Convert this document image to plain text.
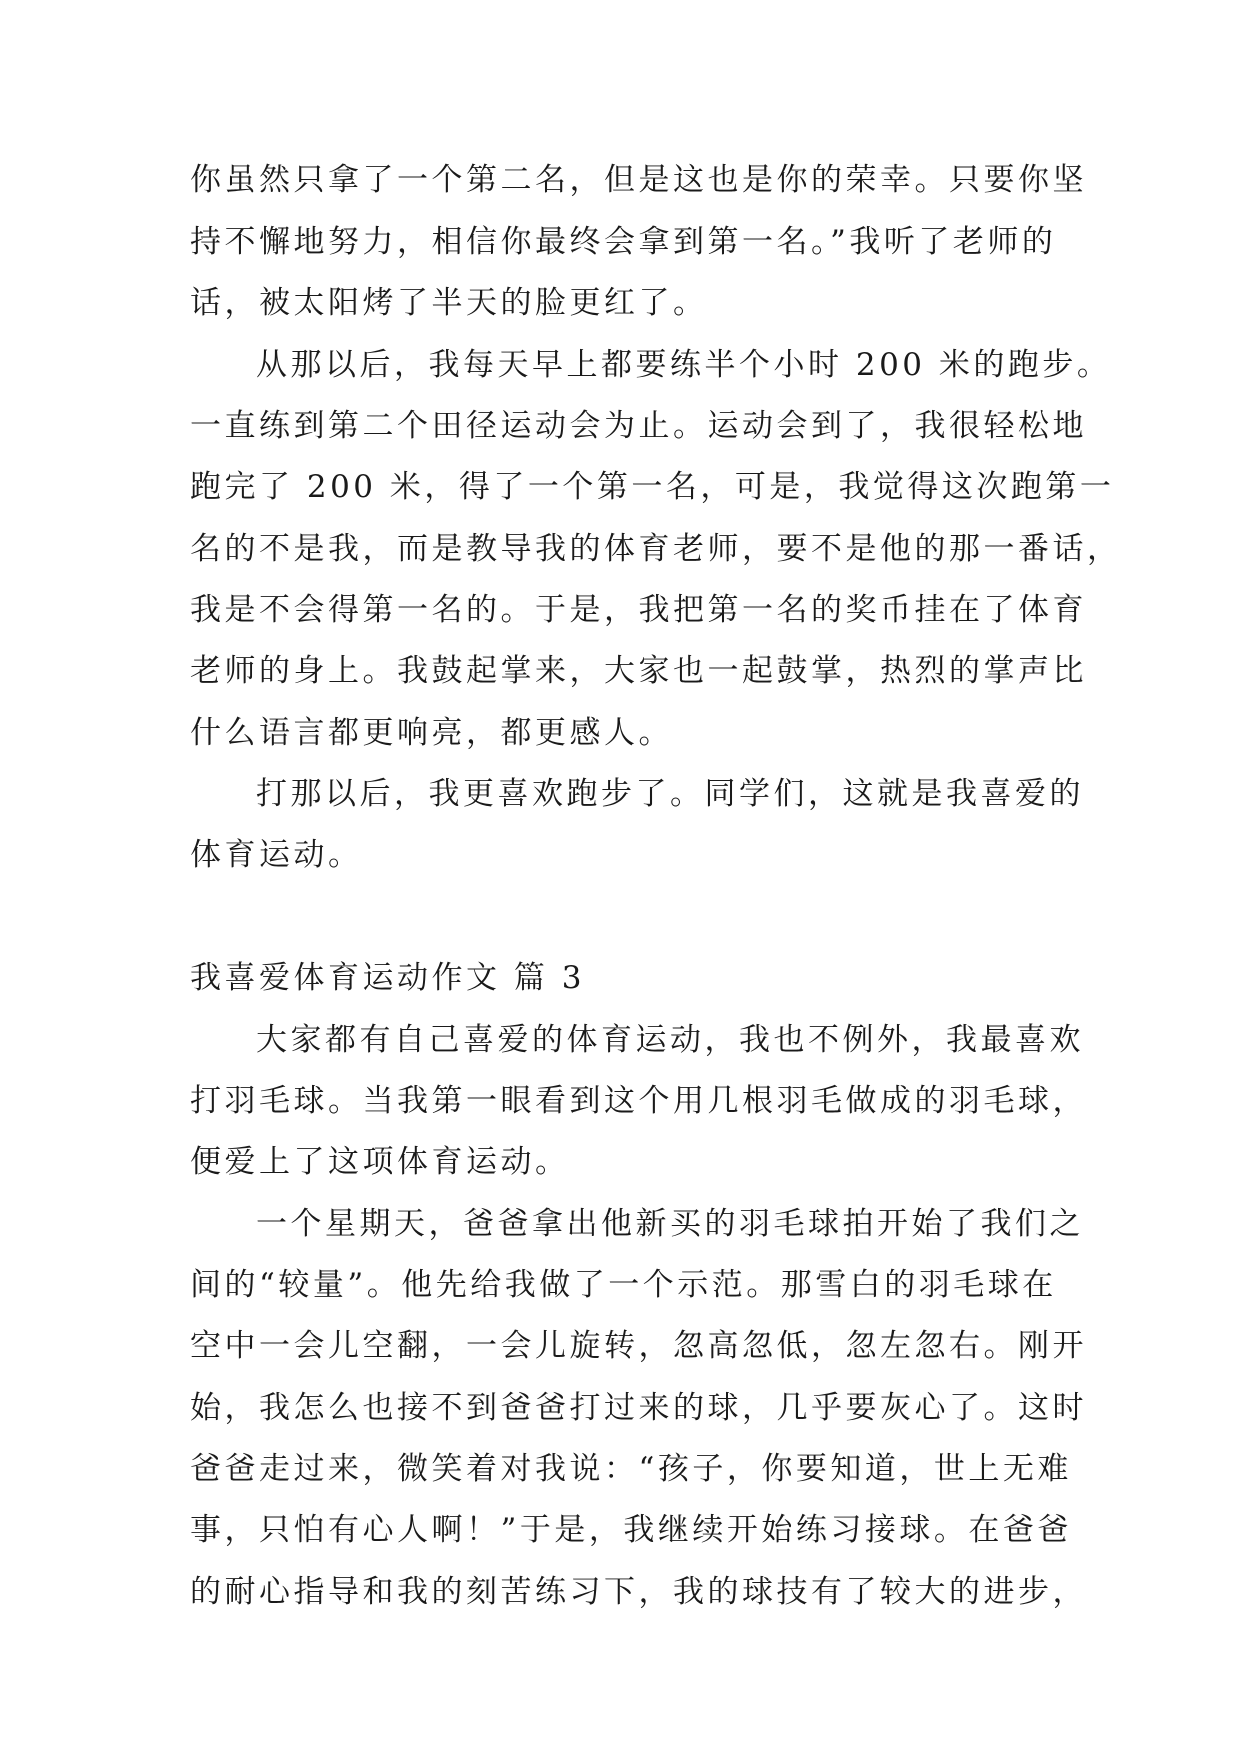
你虽然只拿了一个第二名，但是这也是你的荣幸。只要你坚
持不懈地努力，相信你最终会拿到第一名。”我听了老师的
话，被太阳烤了半天的脸更红了。
从那以后，我每天早上都要练半个小时 200 米的跑步。
一直练到第二个田径运动会为止。运动会到了，我很轻松地
跑完了 200 米，得了一个第一名，可是，我觉得这次跑第一
名的不是我，而是教导我的体育老师，要不是他的那一番话，
我是不会得第一名的。于是，我把第一名的奖币挂在了体育
老师的身上。我鼓起掌来，大家也一起鼓掌，热烈的掌声比
什么语言都更响亮，都更感人。
打那以后，我更喜欢跑步了。同学们，这就是我喜爱的
体育运动。
我喜爱体育运动作文 篇 3
大家都有自己喜爱的体育运动，我也不例外，我最喜欢
打羽毛球。当我第一眼看到这个用几根羽毛做成的羽毛球，
便爱上了这项体育运动。
一个星期天，爸爸拿出他新买的羽毛球拍开始了我们之
间的“较量”。他先给我做了一个示范。那雪白的羽毛球在
空中一会儿空翻，一会儿旋转，忽高忽低，忽左忽右。刚开
始，我怎么也接不到爸爸打过来的球，几乎要灰心了。这时
爸爸走过来，微笑着对我说：“孩子，你要知道，世上无难
事，只怕有心人啊！”于是，我继续开始练习接球。在爸爸
的耐心指导和我的刻苦练习下，我的球技有了较大的进步，
